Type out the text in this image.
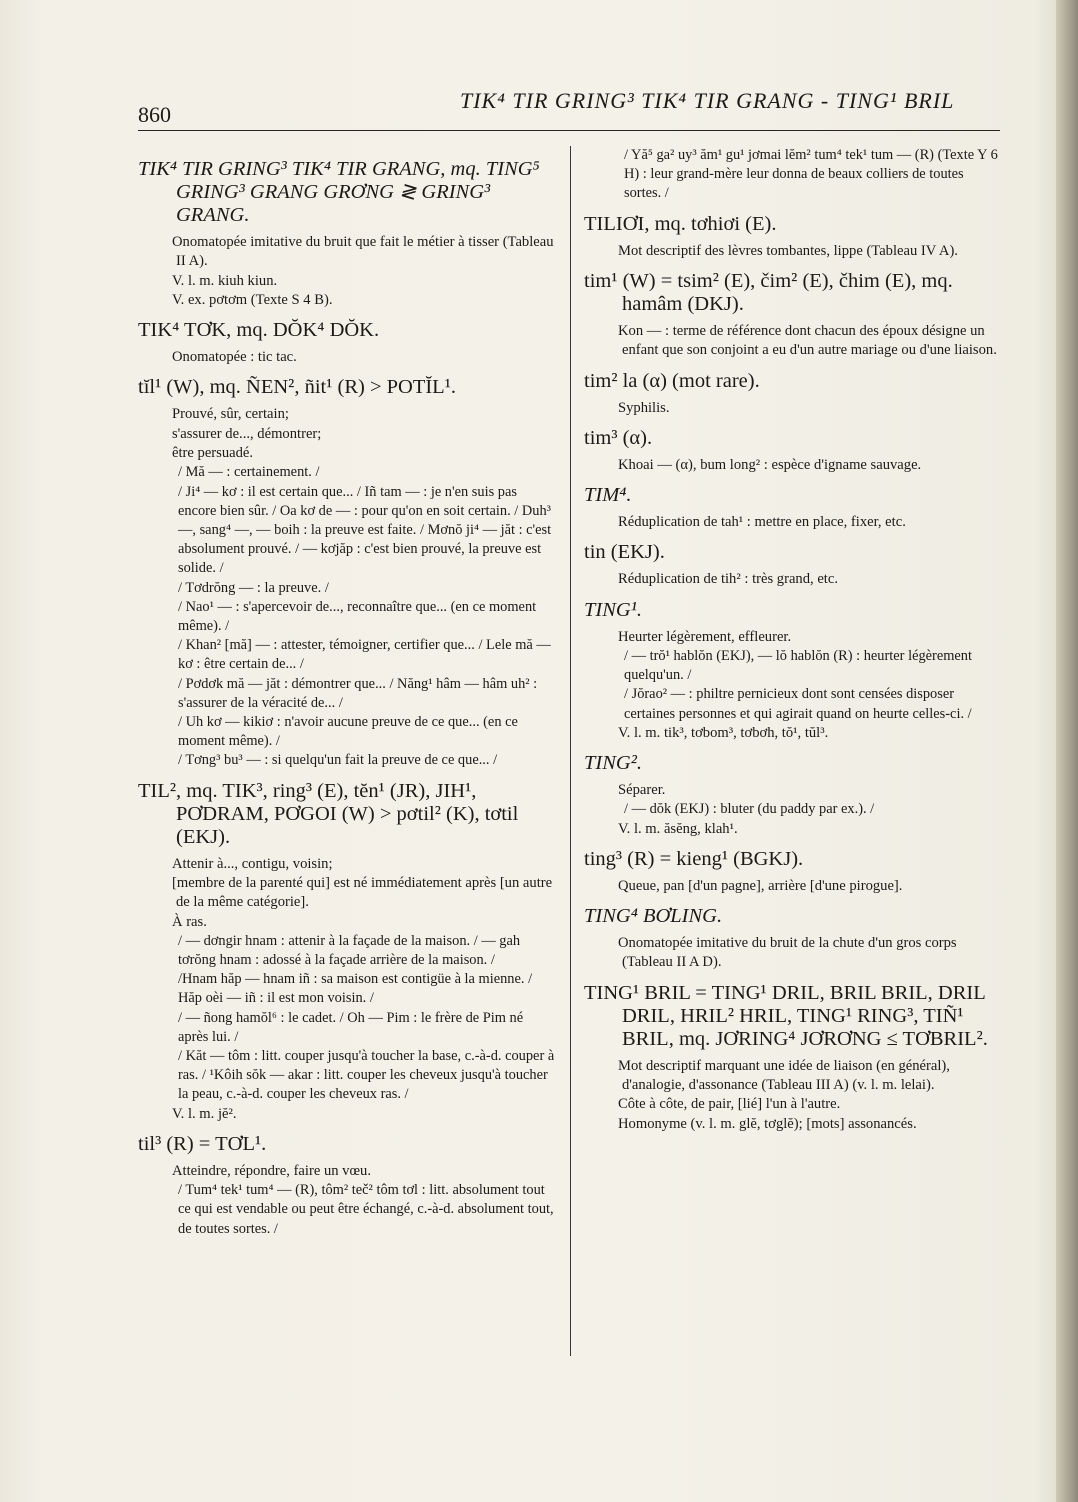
860
TIK⁴ TIR GRING³ TIK⁴ TIR GRANG - TING¹ BRIL
TIK⁴ TIR GRING³ TIK⁴ TIR GRANG, mq. TING⁵ GRING³ GRANG GRƠNG ≷ GRING³ GRANG.
Onomatopée imitative du bruit que fait le métier à tisser (Tableau II A).
V. l. m. kiuh kiun.
V. ex. pơtơm (Texte S 4 B).
TIK⁴ TƠK, mq. DŎK⁴ DŎK.
Onomatopée : tic tac.
tĭl¹ (W), mq. ÑEN², ñit¹ (R) > POTĬL¹.
Prouvé, sûr, certain;
s'assurer de..., démontrer;
être persuadé.
/ Mă — : certainement. /
/ Ji⁴ — kơ : il est certain que... / Iñ tam — : je n'en suis pas encore bien sûr. / Oa kơ de — : pour qu'on en soit certain. / Duh³ —, sang⁴ —, — boih : la preuve est faite. / Mơnŏ ji⁴ — jăt : c'est absolument prouvé. / — kơjăp : c'est bien prouvé, la preuve est solide. /
/ Tơdrŏng — : la preuve. /
/ Nao¹ — : s'apercevoir de..., reconnaître que... (en ce moment même). /
/ Khan² [mă] — : attester, témoigner, certifier que... / Lele mă — kơ : être certain de... /
/ Pơdơk mă — jăt : démontrer que... / Năng¹ hâm — hâm uh² : s'assurer de la véracité de... /
/ Uh kơ — kikiơ : n'avoir aucune preuve de ce que... (en ce moment même). /
/ Tơng³ bu³ — : si quelqu'un fait la preuve de ce que... /
TIL², mq. TIK³, ring³ (E), tĕn¹ (JR), JIH¹, PƠDRAM, PƠGOI (W) > pơtil² (K), tơtil (EKJ).
Attenir à..., contigu, voisin;
[membre de la parenté qui] est né immédiatement après [un autre de la même catégorie].
À ras.
/ — dơngir hnam : attenir à la façade de la maison. / — gah tơrŏng hnam : adossé à la façade arrière de la maison. /
/Hnam hăp — hnam iñ : sa maison est contigüe à la mienne. / Hăp oèi — iñ : il est mon voisin. /
/ — ñong hamŏl⁶ : le cadet. / Oh — Pim : le frère de Pim né après lui. /
/ Kăt — tôm : litt. couper jusqu'à toucher la base, c.-à-d. couper à ras. / ¹Kôih sŏk — akar : litt. couper les cheveux jusqu'à toucher la peau, c.-à-d. couper les cheveux ras. /
V. l. m. jĕ².
til³ (R) = TƠL¹.
Atteindre, répondre, faire un vœu.
/ Tum⁴ tek¹ tum⁴ — (R), tôm² tеč² tôm tơl : litt. absolument tout ce qui est vendable ou peut être échangé, c.-à-d. absolument tout, de toutes sortes. /
/ Yă⁵ ga² uy³ ăm¹ gu¹ jơmai lĕm² tum⁴ tek¹ tum — (R) (Texte Y 6 H) : leur grand-mère leur donna de beaux colliers de toutes sortes. /
TILIƠI, mq. tơhiơi (E).
Mot descriptif des lèvres tombantes, lippe (Tableau IV A).
tim¹ (W) = tsim² (E), čim² (E), čhim (E), mq. hamâm (DKJ).
Kon — : terme de référence dont chacun des époux désigne un enfant que son conjoint a eu d'un autre mariage ou d'une liaison.
tim² la (α) (mot rare).
Syphilis.
tim³ (α).
Khoai — (α), bum long² : espèce d'igname sauvage.
TIM⁴.
Réduplication de tah¹ : mettre en place, fixer, etc.
tin (EKJ).
Réduplication de tih² : très grand, etc.
TING¹.
Heurter légèrement, effleurer.
/ — trŏ¹ hablŏn (EKJ), — lŏ hablŏn (R) : heurter légèrement quelqu'un. /
/ Jŏrao² — : philtre pernicieux dont sont censées disposer certaines personnes et qui agirait quand on heurte celles-ci. /
V. l. m. tik³, tơbom³, tơbơh, tŏ¹, tŭl³.
TING².
Séparer.
/ — dŏk (EKJ) : bluter (du paddy par ex.). /
V. l. m. ăsĕng, klah¹.
ting³ (R) = kieng¹ (BGKJ).
Queue, pan [d'un pagne], arrière [d'une pirogue].
TING⁴ BƠLING.
Onomatopée imitative du bruit de la chute d'un gros corps (Tableau II A D).
TING¹ BRIL = TING¹ DRIL, BRIL BRIL, DRIL DRIL, HRIL² HRIL, TING¹ RING³, TIÑ¹ BRIL, mq. JƠRING⁴ JƠRƠNG ≤ TƠBRIL².
Mot descriptif marquant une idée de liaison (en général), d'analogie, d'assonance (Tableau III A) (v. l. m. lelai).
Côte à côte, de pair, [lié] l'un à l'autre.
Homonyme (v. l. m. glĕ, tơglĕ); [mots] assonancés.
